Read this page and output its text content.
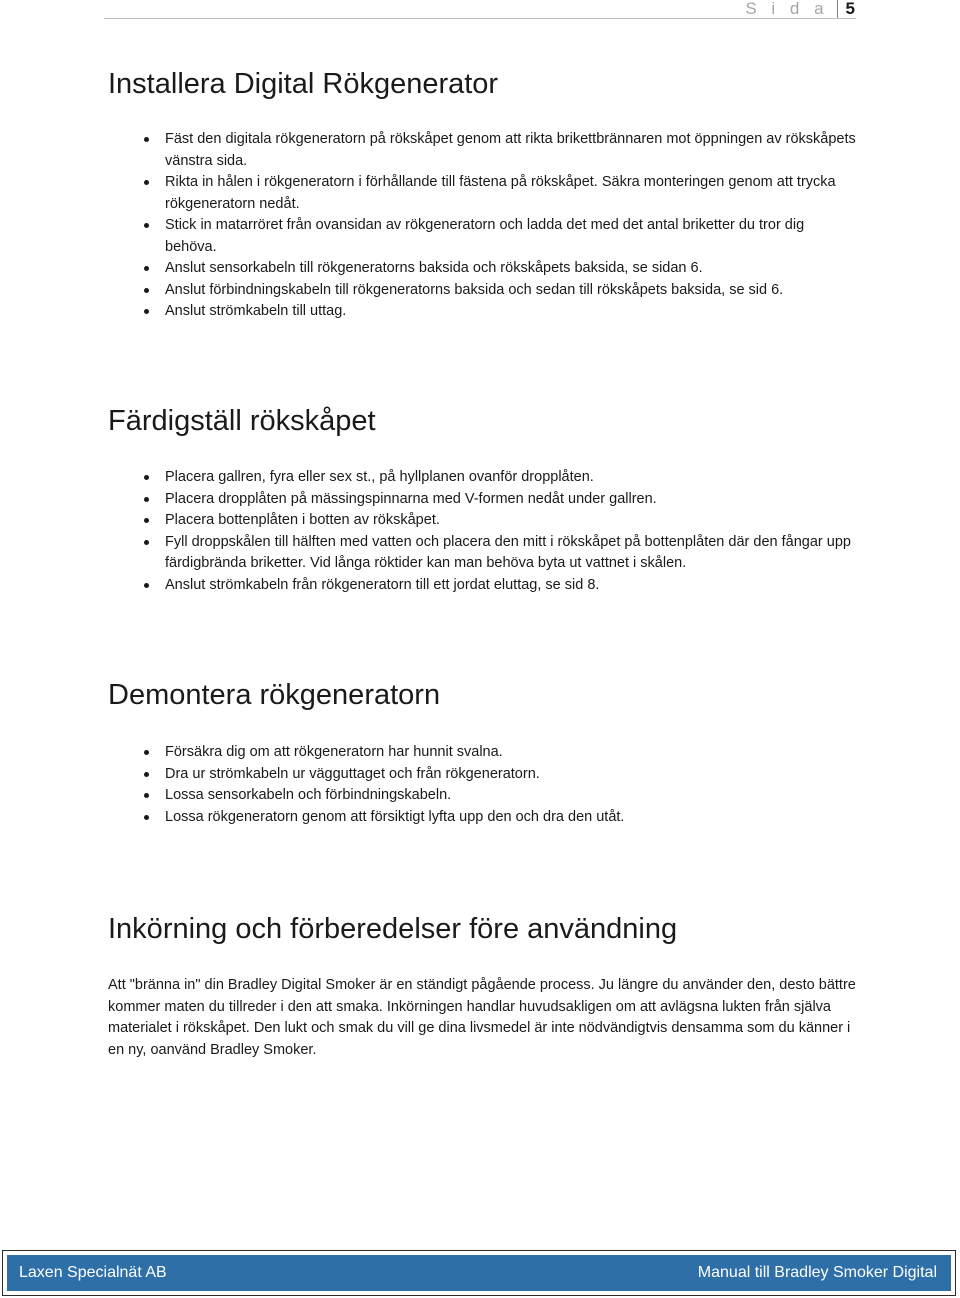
S i d a	5
Installera Digital Rökgenerator
Fäst den digitala rökgeneratorn på rökskåpet genom att rikta brikettbrännaren mot öppningen av rökskåpets vänstra sida.
Rikta in hålen i rökgeneratorn i förhållande till fästena på rökskåpet. Säkra monteringen genom att trycka rökgeneratorn nedåt.
Stick in matarröret från ovansidan av rökgeneratorn och ladda det med det antal briketter du tror dig behöva.
Anslut sensorkabeln till rökgeneratorns baksida och rökskåpets baksida, se sidan 6.
Anslut förbindningskabeln till rökgeneratorns baksida och sedan till rökskåpets baksida, se sid 6.
Anslut strömkabeln till uttag.
Färdigställ rökskåpet
Placera gallren, fyra eller sex st., på hyllplanen ovanför dropplåten.
Placera dropplåten på mässingspinnarna med V-formen nedåt under gallren.
Placera bottenplåten i botten av rökskåpet.
Fyll droppskålen till hälften med vatten och placera den mitt i rökskåpet på bottenplåten där den fångar upp färdigbrända briketter. Vid långa röktider kan man behöva byta ut vattnet i skålen.
Anslut strömkabeln från rökgeneratorn till ett jordat eluttag, se sid 8.
Demontera rökgeneratorn
Försäkra dig om att rökgeneratorn har hunnit svalna.
Dra ur strömkabeln ur vägguttaget och från rökgeneratorn.
Lossa sensorkabeln och förbindningskabeln.
Lossa rökgeneratorn genom att försiktigt lyfta upp den och dra den utåt.
Inkörning och förberedelser före användning

Att "bränna in" din Bradley Digital Smoker är en ständigt pågående process. Ju längre du använder den, desto bättre kommer maten du tillreder i den att smaka. Inkörningen handlar huvudsakligen om att avlägsna lukten från själva materialet i rökskåpet. Den lukt och smak du vill ge dina livsmedel är inte nödvändigtvis densamma som du känner i en ny, oanvänd Bradley Smoker.

Laxen Specialnät AB	Manual till Bradley Smoker Digital
